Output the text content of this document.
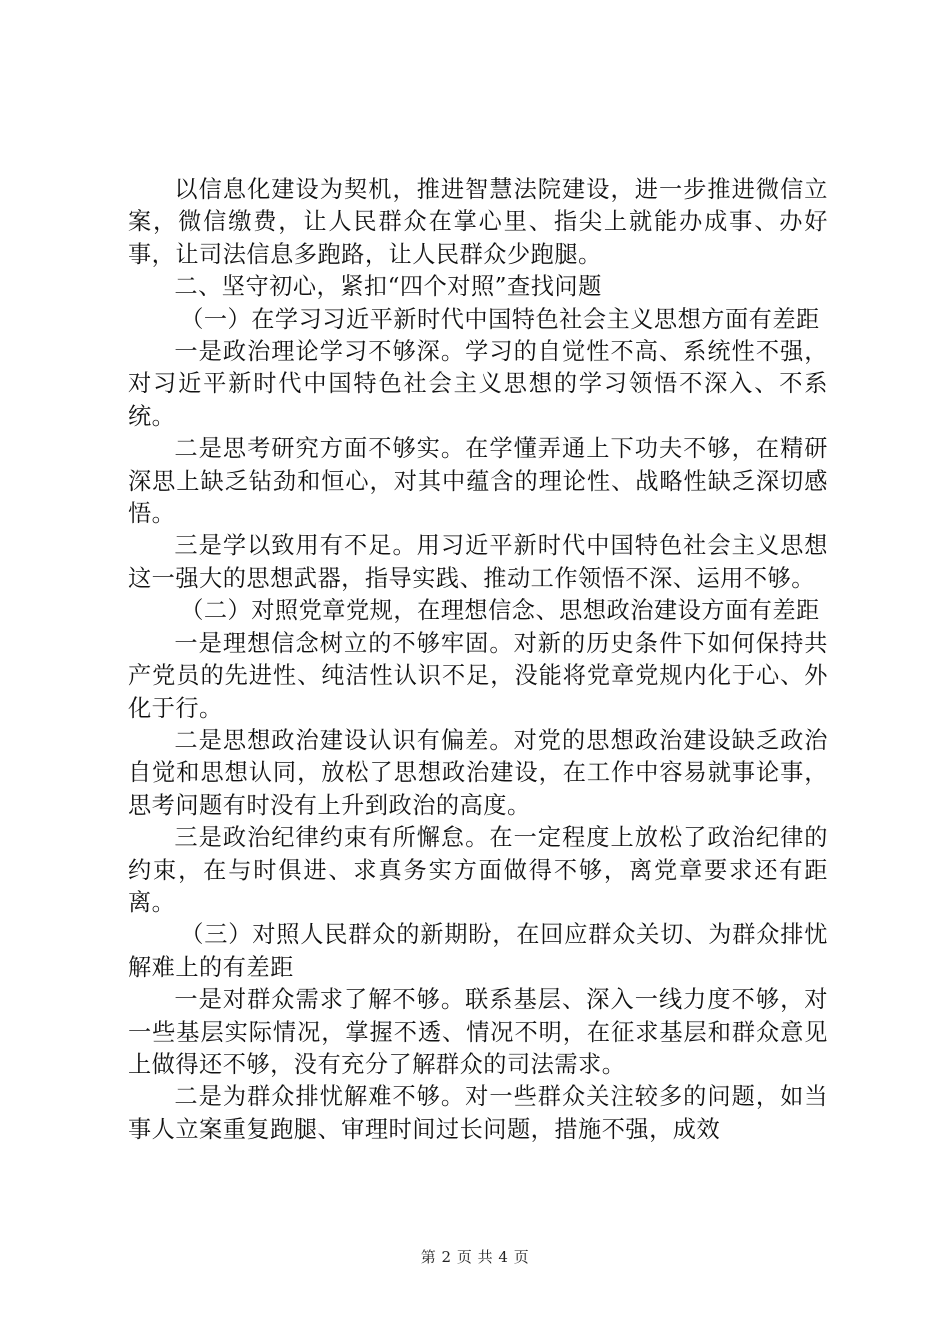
以信息化建设为契机，推进智慧法院建设，进一步推进微信立案，微信缴费，让人民群众在掌心里、指尖上就能办成事、办好事，让司法信息多跑路，让人民群众少跑腿。

二、坚守初心，紧扣“四个对照”查找问题

（一）在学习习近平新时代中国特色社会主义思想方面有差距

一是政治理论学习不够深。学习的自觉性不高、系统性不强，对习近平新时代中国特色社会主义思想的学习领悟不深入、不系统。

二是思考研究方面不够实。在学懂弄通上下功夫不够，在精研深思上缺乏钻劲和恒心，对其中蕴含的理论性、战略性缺乏深切感悟。

三是学以致用有不足。用习近平新时代中国特色社会主义思想这一强大的思想武器，指导实践、推动工作领悟不深、运用不够。

（二）对照党章党规，在理想信念、思想政治建设方面有差距

一是理想信念树立的不够牢固。对新的历史条件下如何保持共产党员的先进性、纯洁性认识不足，没能将党章党规内化于心、外化于行。

二是思想政治建设认识有偏差。对党的思想政治建设缺乏政治自觉和思想认同，放松了思想政治建设，在工作中容易就事论事，思考问题有时没有上升到政治的高度。

三是政治纪律约束有所懈怠。在一定程度上放松了政治纪律的约束，在与时俱进、求真务实方面做得不够，离党章要求还有距离。

（三）对照人民群众的新期盼，在回应群众关切、为群众排忧解难上的有差距

一是对群众需求了解不够。联系基层、深入一线力度不够，对一些基层实际情况，掌握不透、情况不明，在征求基层和群众意见上做得还不够，没有充分了解群众的司法需求。

二是为群众排忧解难不够。对一些群众关注较多的问题，如当事人立案重复跑腿、审理时间过长问题，措施不强，成效

第 2 页 共 4 页
